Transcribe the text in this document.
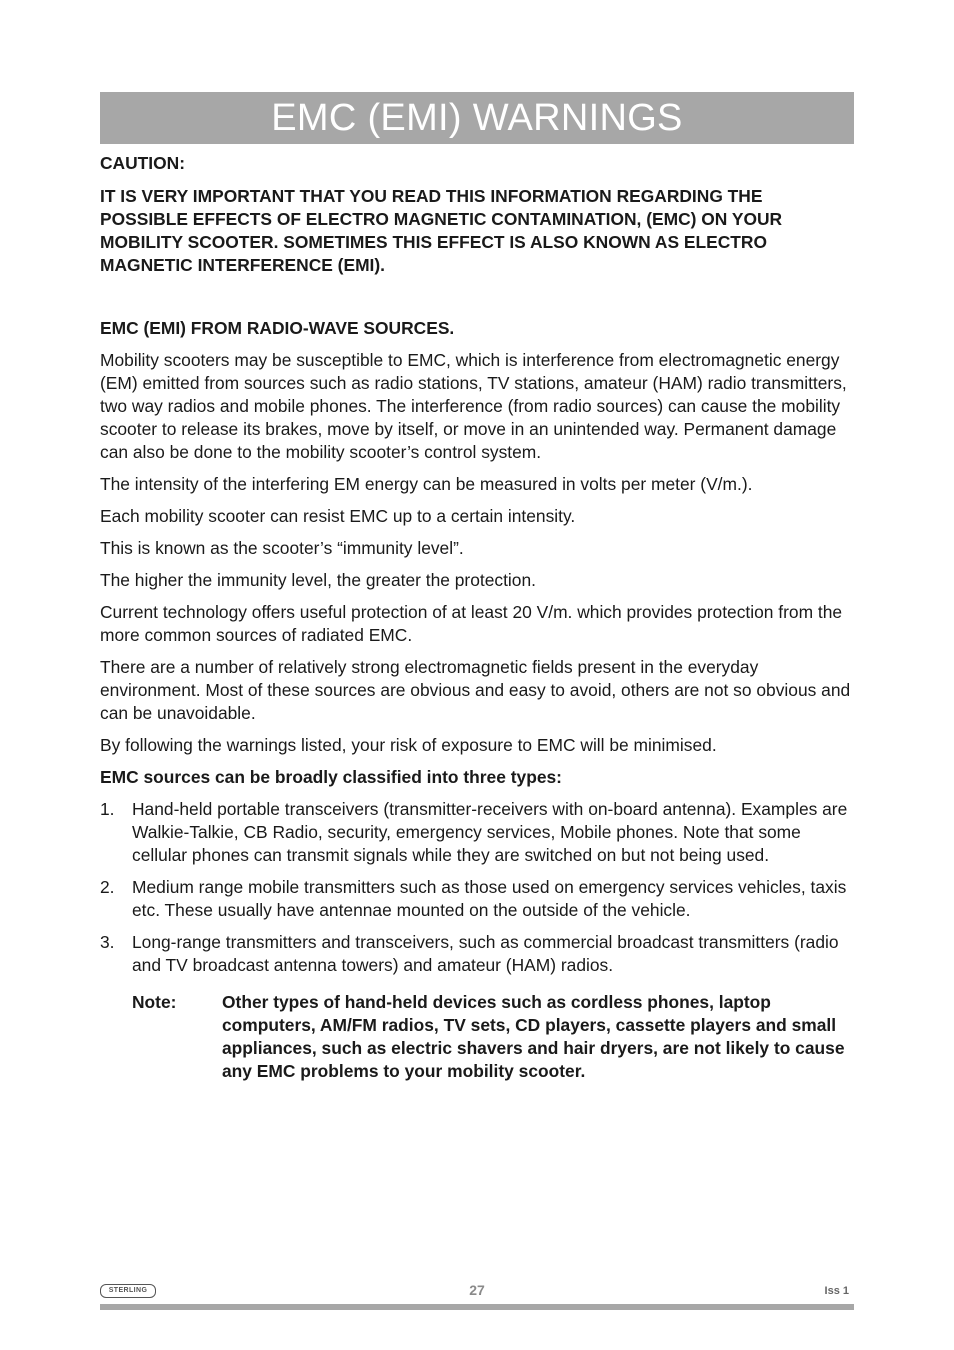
EMC (EMI) WARNINGS

CAUTION:

IT IS VERY IMPORTANT THAT YOU READ THIS INFORMATION REGARDING THE POSSIBLE EFFECTS OF ELECTRO MAGNETIC CONTAMINATION, (EMC) ON YOUR MOBILITY SCOOTER. SOMETIMES THIS EFFECT IS ALSO KNOWN AS ELECTRO MAGNETIC INTERFERENCE (EMI).

EMC (EMI) FROM RADIO-WAVE SOURCES.

Mobility scooters may be susceptible to EMC, which is interference from electromagnetic energy (EM) emitted from sources such as radio stations, TV stations, amateur (HAM) radio transmitters, two way radios and mobile phones. The interference (from radio sources) can cause the mobility scooter to release its brakes, move by itself, or move in an unintended way. Permanent damage can also be done to the mobility scooter’s control system.

The intensity of the interfering EM energy can be measured in volts per meter (V/m.).

Each mobility scooter can resist EMC up to a certain intensity.

This is known as the scooter’s “immunity level”.

The higher the immunity level, the greater the protection.

Current technology offers useful protection of at least 20 V/m. which provides protection from the more common sources of radiated EMC.

There are a number of relatively strong electromagnetic fields present in the everyday environment. Most of these sources are obvious and easy to avoid, others are not so obvious and can be unavoidable.

By following the warnings listed, your risk of exposure to EMC will be minimised.

EMC sources can be broadly classified into three types:

1.	Hand-held portable transceivers (transmitter-receivers with on-board antenna). Examples are Walkie-Talkie, CB Radio, security, emergency services, Mobile phones. Note that some cellular phones can transmit signals while they are switched on but not being used.
2.	Medium range mobile transmitters such as those used on emergency services vehicles, taxis etc. These usually have antennae mounted on the outside of the vehicle.
3.	Long-range transmitters and transceivers, such as commercial broadcast transmitters (radio and TV broadcast antenna towers) and amateur (HAM) radios.
Note:	Other types of hand-held devices such as cordless phones, laptop computers, AM/FM radios, TV sets, CD players, cassette players and small appliances, such as electric shavers and hair dryers, are not likely to cause any EMC problems to your mobility scooter.
STERLING	27	Iss 1
